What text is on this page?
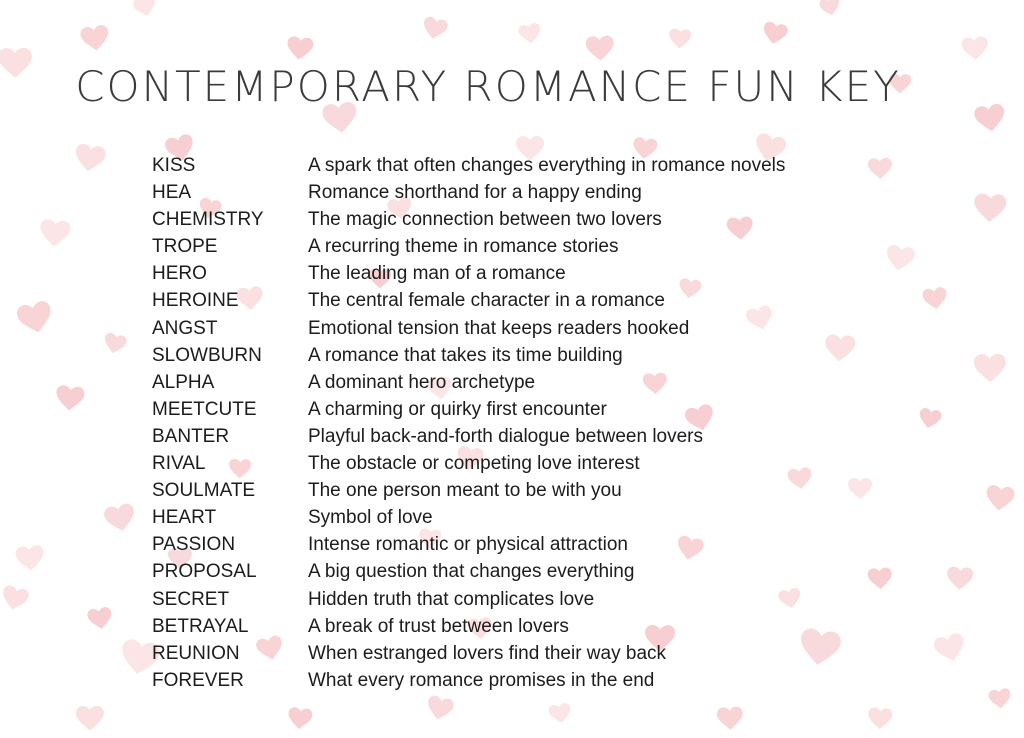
CONTEMPORARY ROMANCE FUN KEY
KISS	A spark that often changes everything in romance novels
HEA	Romance shorthand for a happy ending
CHEMISTRY The magic connection between two lovers
TROPE	A recurring theme in romance stories
HERO	The leading man of a romance
HEROINE	The central female character in a romance
ANGST	Emotional tension that keeps readers hooked
SLOWBURN A romance that takes its time building
ALPHA	A dominant hero archetype
MEETCUTE	A charming or quirky first encounter
BANTER	Playful back-and-forth dialogue between lovers
RIVAL	The obstacle or competing love interest
SOULMATE	The one person meant to be with you
HEART	Symbol of love
PASSION	Intense romantic or physical attraction
PROPOSAL	A big question that changes everything
SECRET	Hidden truth that complicates love
BETRAYAL	A break of trust between lovers
REUNION	When estranged lovers find their way back
FOREVER	What every romance promises in the end
